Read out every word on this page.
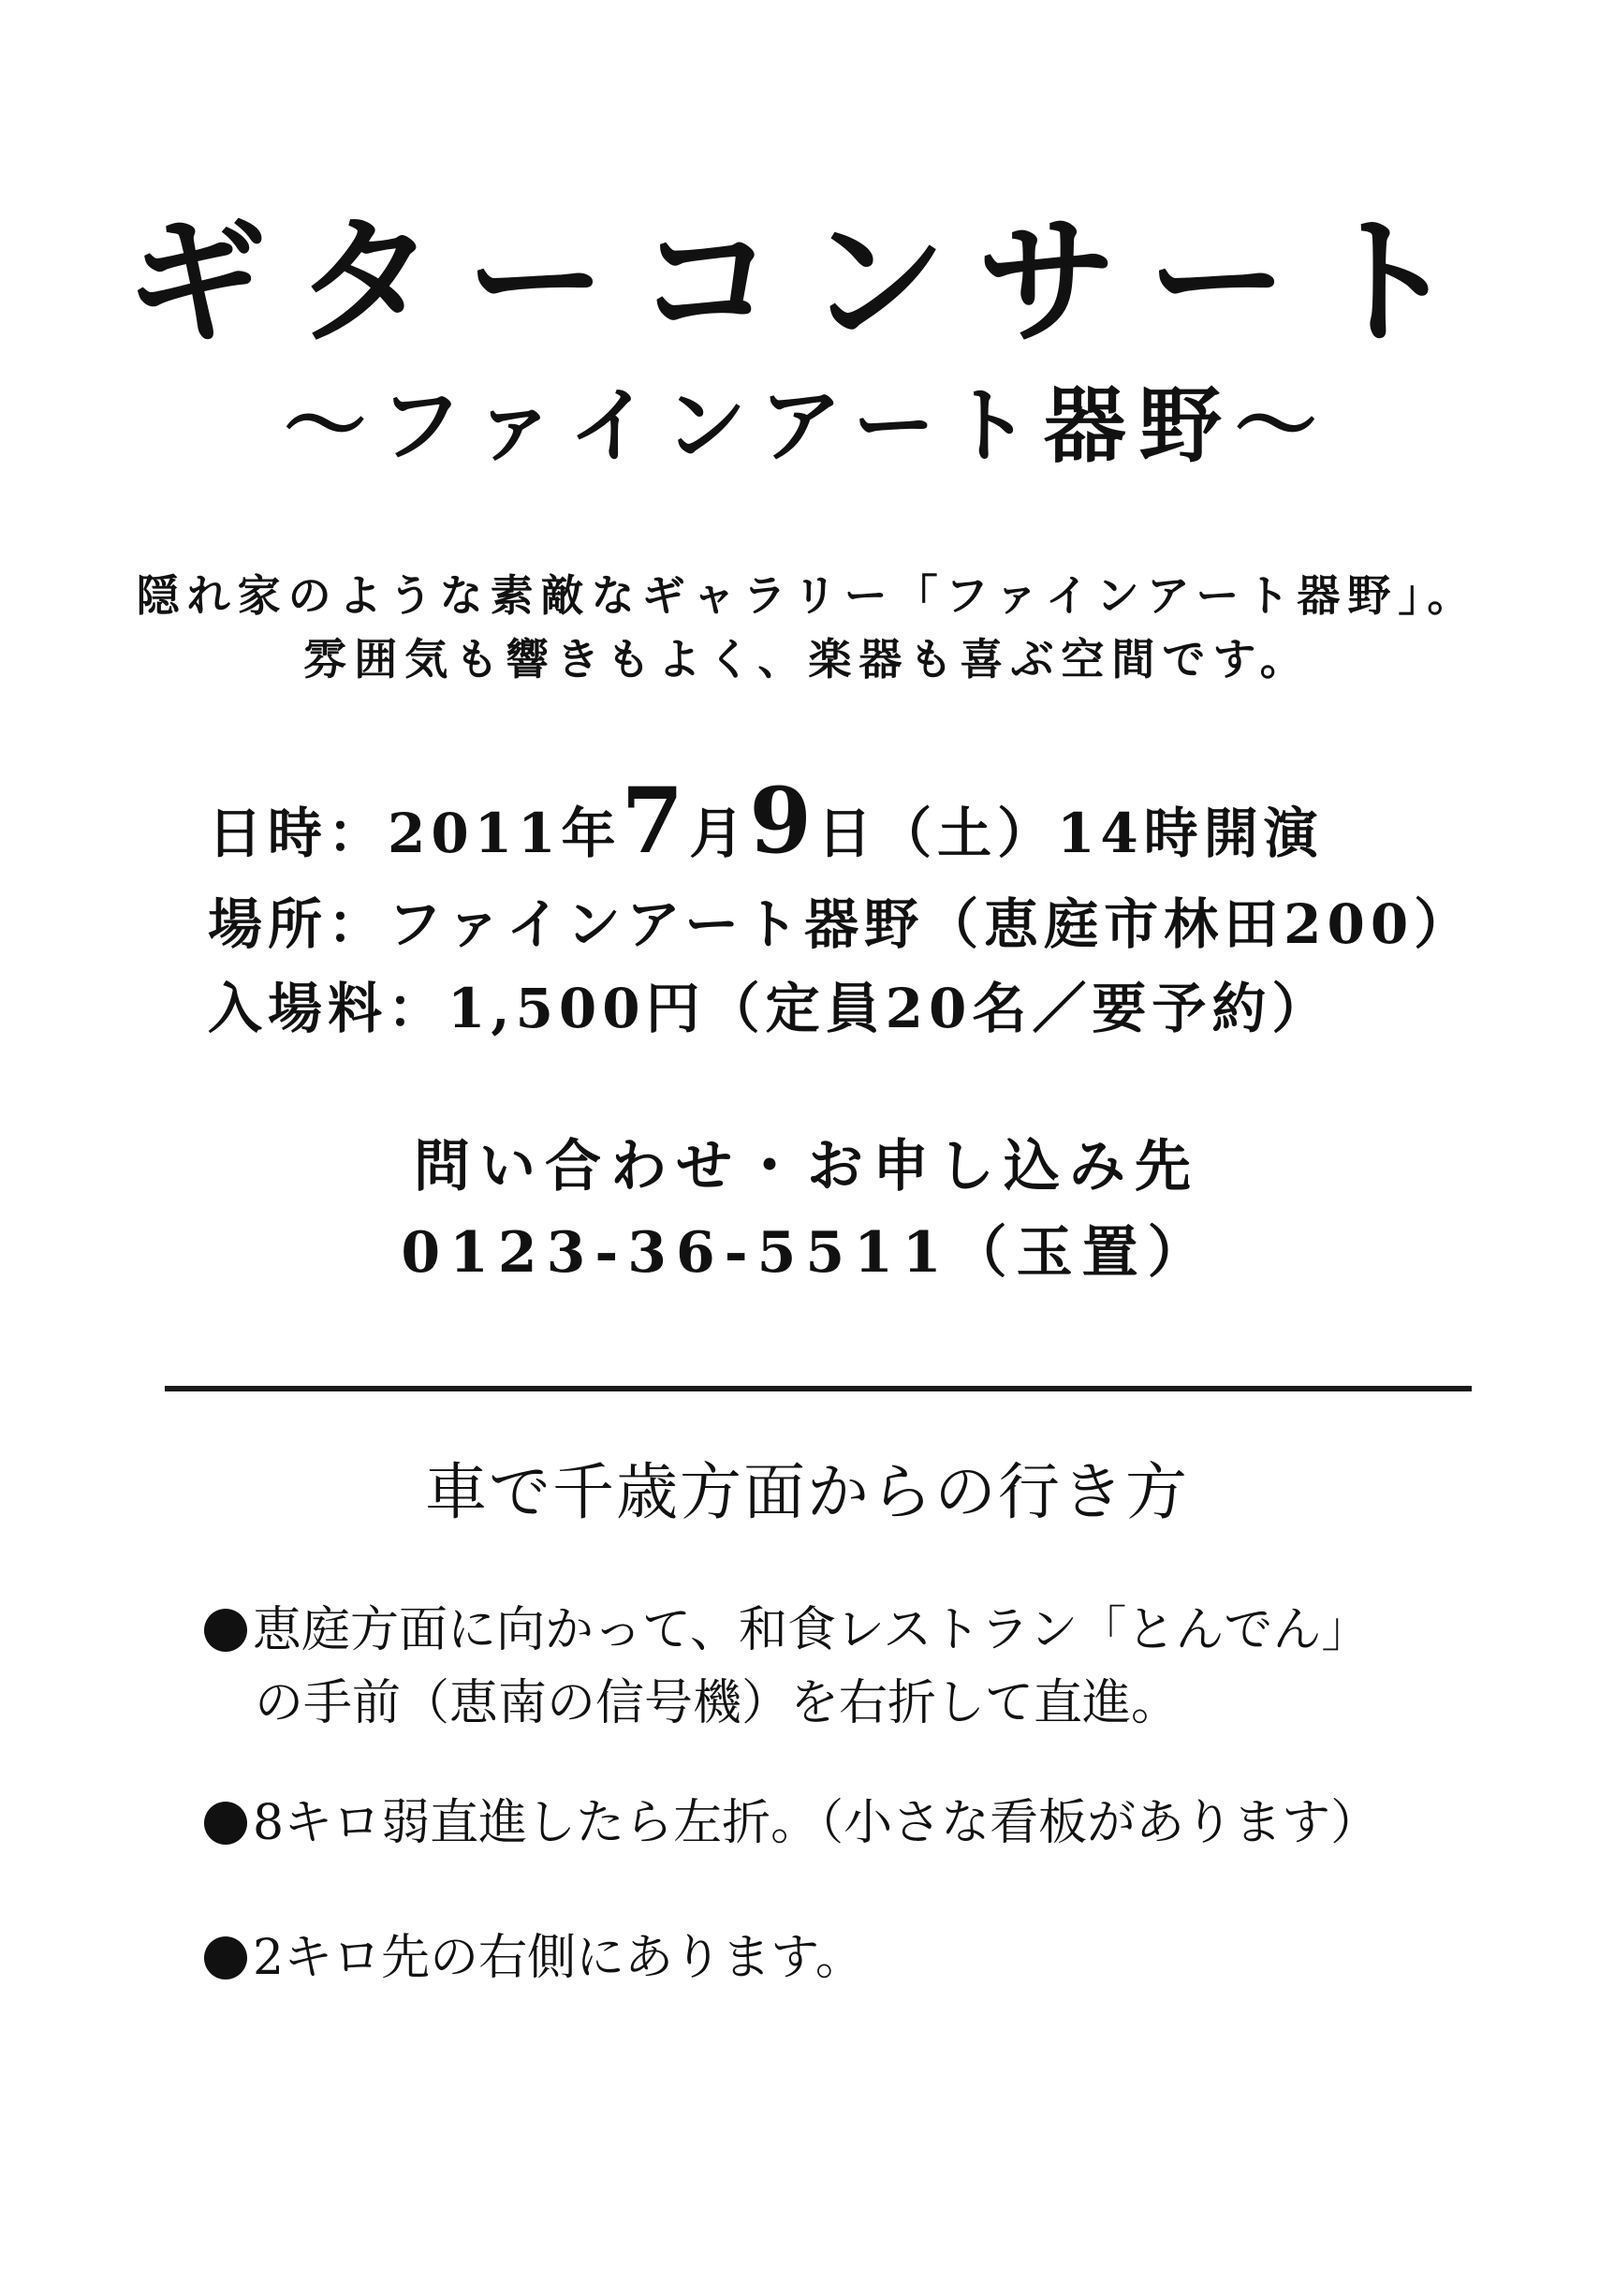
ギターコンサート
〜ファインアート器野〜
隠れ家のような素敵なギャラリー「ファインアート器野」。
雰囲気も響きもよく、楽器も喜ぶ空間です。
日時：2011年7月9日（土）14時開演
場所：ファインアート器野（恵庭市林田200）
入場料：1,500円（定員20名／要予約）
問い合わせ・お申し込み先
0123-36-5511（玉置）
車で千歳方面からの行き方
恵庭方面に向かって、和食レストラン「とんでん」
の手前（恵南の信号機）を右折して直進。
8キロ弱直進したら左折。（小さな看板があります）
2キロ先の右側にあります。
